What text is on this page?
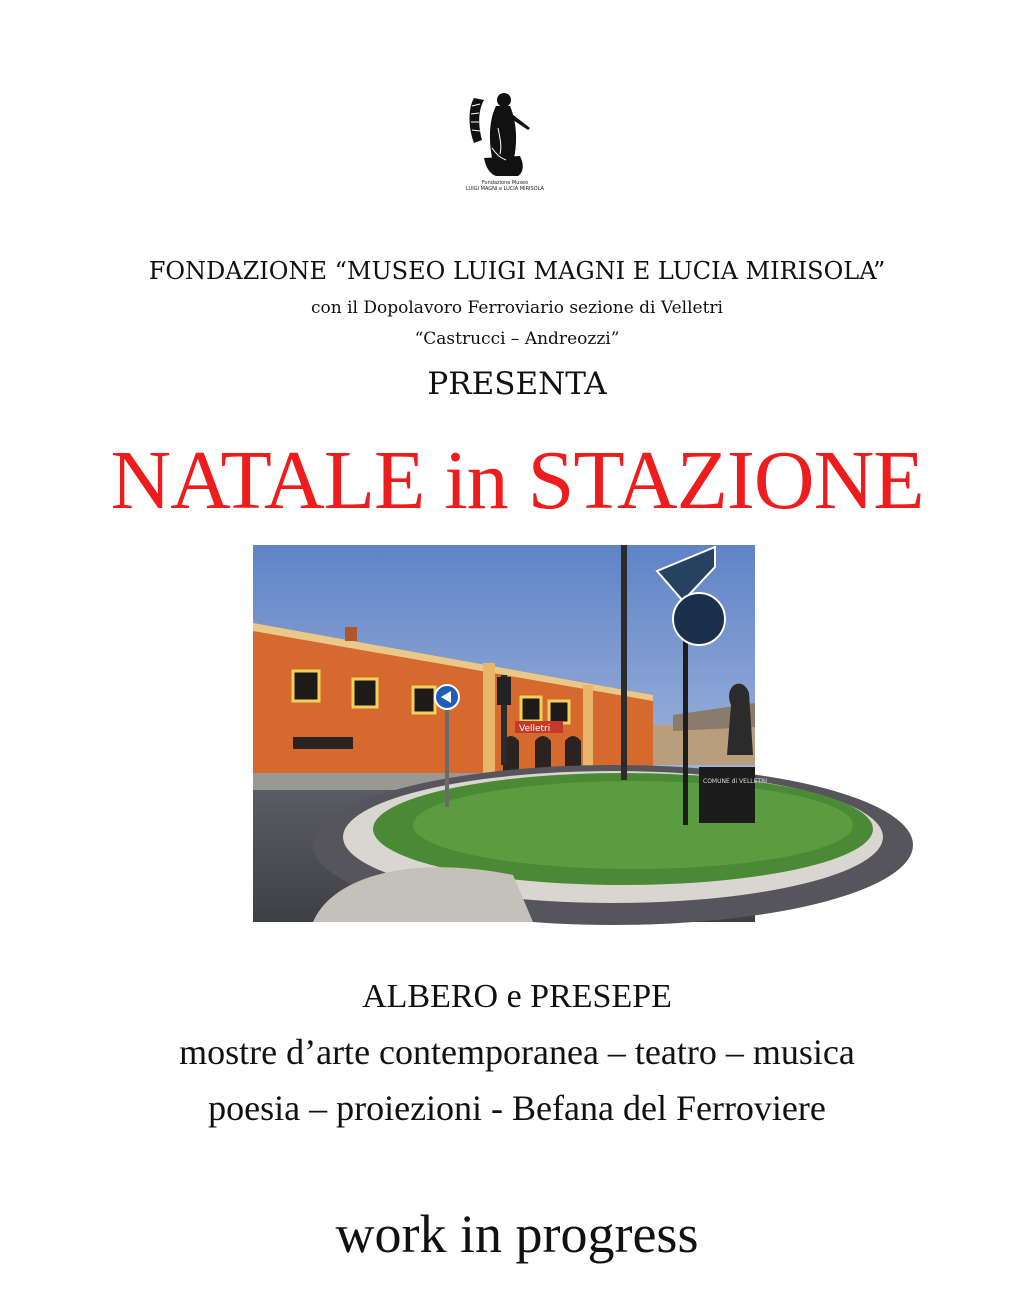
Fondazione Museo
LUIGI MAGNI e LUCIA MIRISOLA
FONDAZIONE “MUSEO LUIGI MAGNI E LUCIA MIRISOLA”
con il Dopolavoro Ferroviario sezione di Velletri
“Castrucci – Andreozzi”
PRESENTA
NATALE in STAZIONE
Velletri
COMUNE di VELLETRI
ALBERO e PRESEPE
mostre d’arte contemporanea – teatro – musica
poesia – proiezioni - Befana del Ferroviere
work in progress
